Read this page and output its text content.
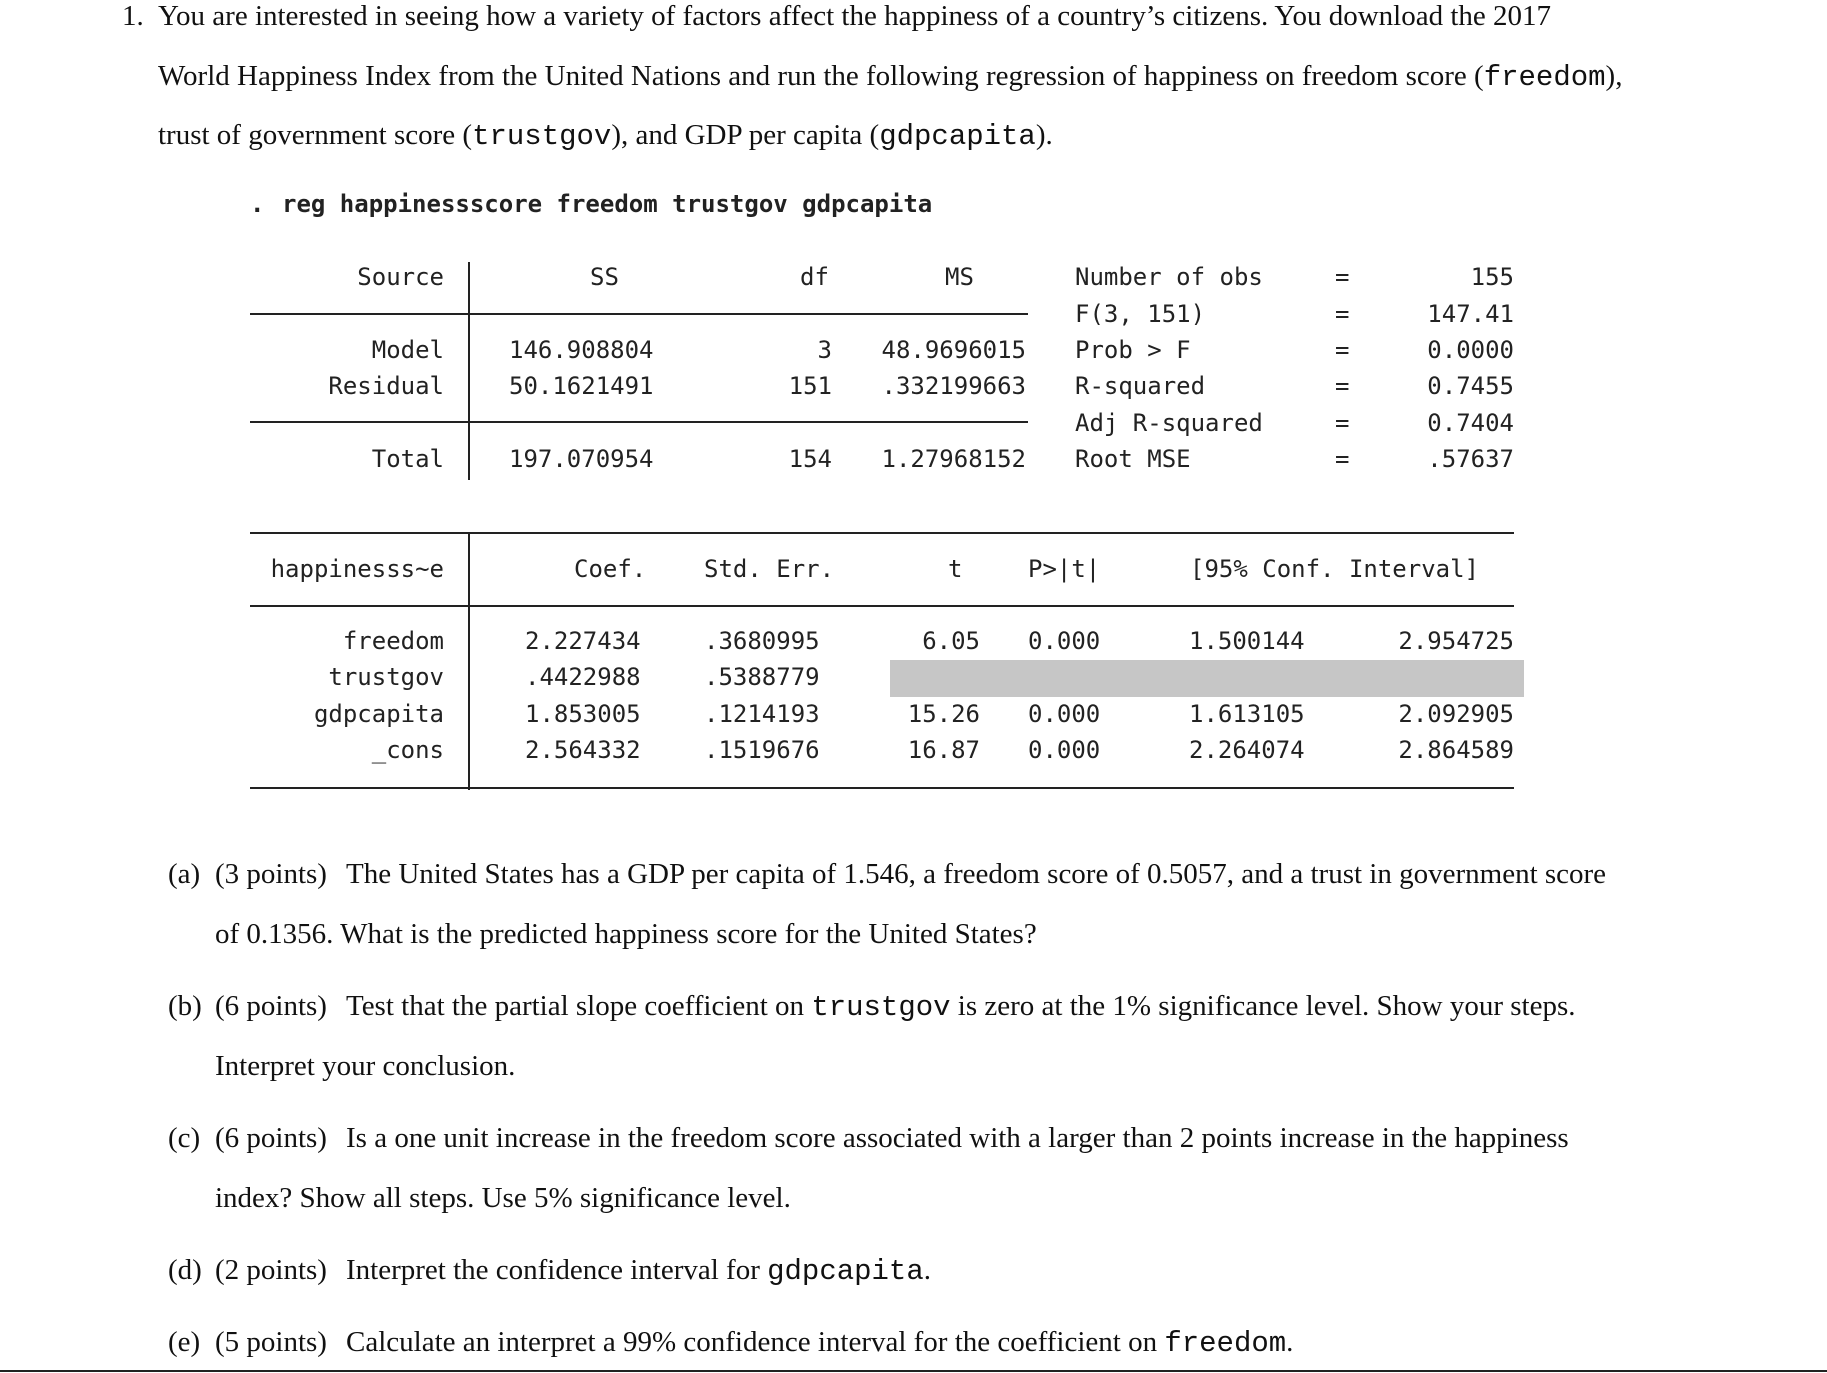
1. You are interested in seeing how a variety of factors affect the happiness of a country’s citizens. You download the 2017
World Happiness Index from the United Nations and run the following regression of happiness on freedom score (freedom),
trust of government score (trustgov), and GDP per capita (gdpcapita).
. reg happinessscore freedom trustgov gdpcapita
Source	SS	df	MS
Model	146.908804	3	48.9696015
Residual	50.1621491	151	.332199663
Total	197.070954	154	1.27968152
Number of obs	=	155
F(3, 151)	=	147.41
Prob > F	=	0.0000
R-squared	=	0.7455
Adj R-squared	=	0.7404
Root MSE	=	.57637
happinesss~e	Coef. Std. Err.	t	P>|t|	[95% Conf. Interval]
freedom	2.227434	.3680995	6.05 0.000	1.500144	2.954725
trustgov	.4422988	.5388779
gdpcapita	1.853005	.1214193	15.26 0.000	1.613105	2.092905
_cons	2.564332	.1519676	16.87 0.000	2.264074	2.864589
(a) (3 points) The United States has a GDP per capita of 1.546, a freedom score of 0.5057, and a trust in government score
of 0.1356. What is the predicted happiness score for the United States?
(b) (6 points) Test that the partial slope coefficient on trustgov is zero at the 1% significance level. Show your steps.
Interpret your conclusion.
(c) (6 points) Is a one unit increase in the freedom score associated with a larger than 2 points increase in the happiness
index? Show all steps. Use 5% significance level.
(d) (2 points) Interpret the confidence interval for gdpcapita.
(e) (5 points) Calculate an interpret a 99% confidence interval for the coefficient on freedom.
